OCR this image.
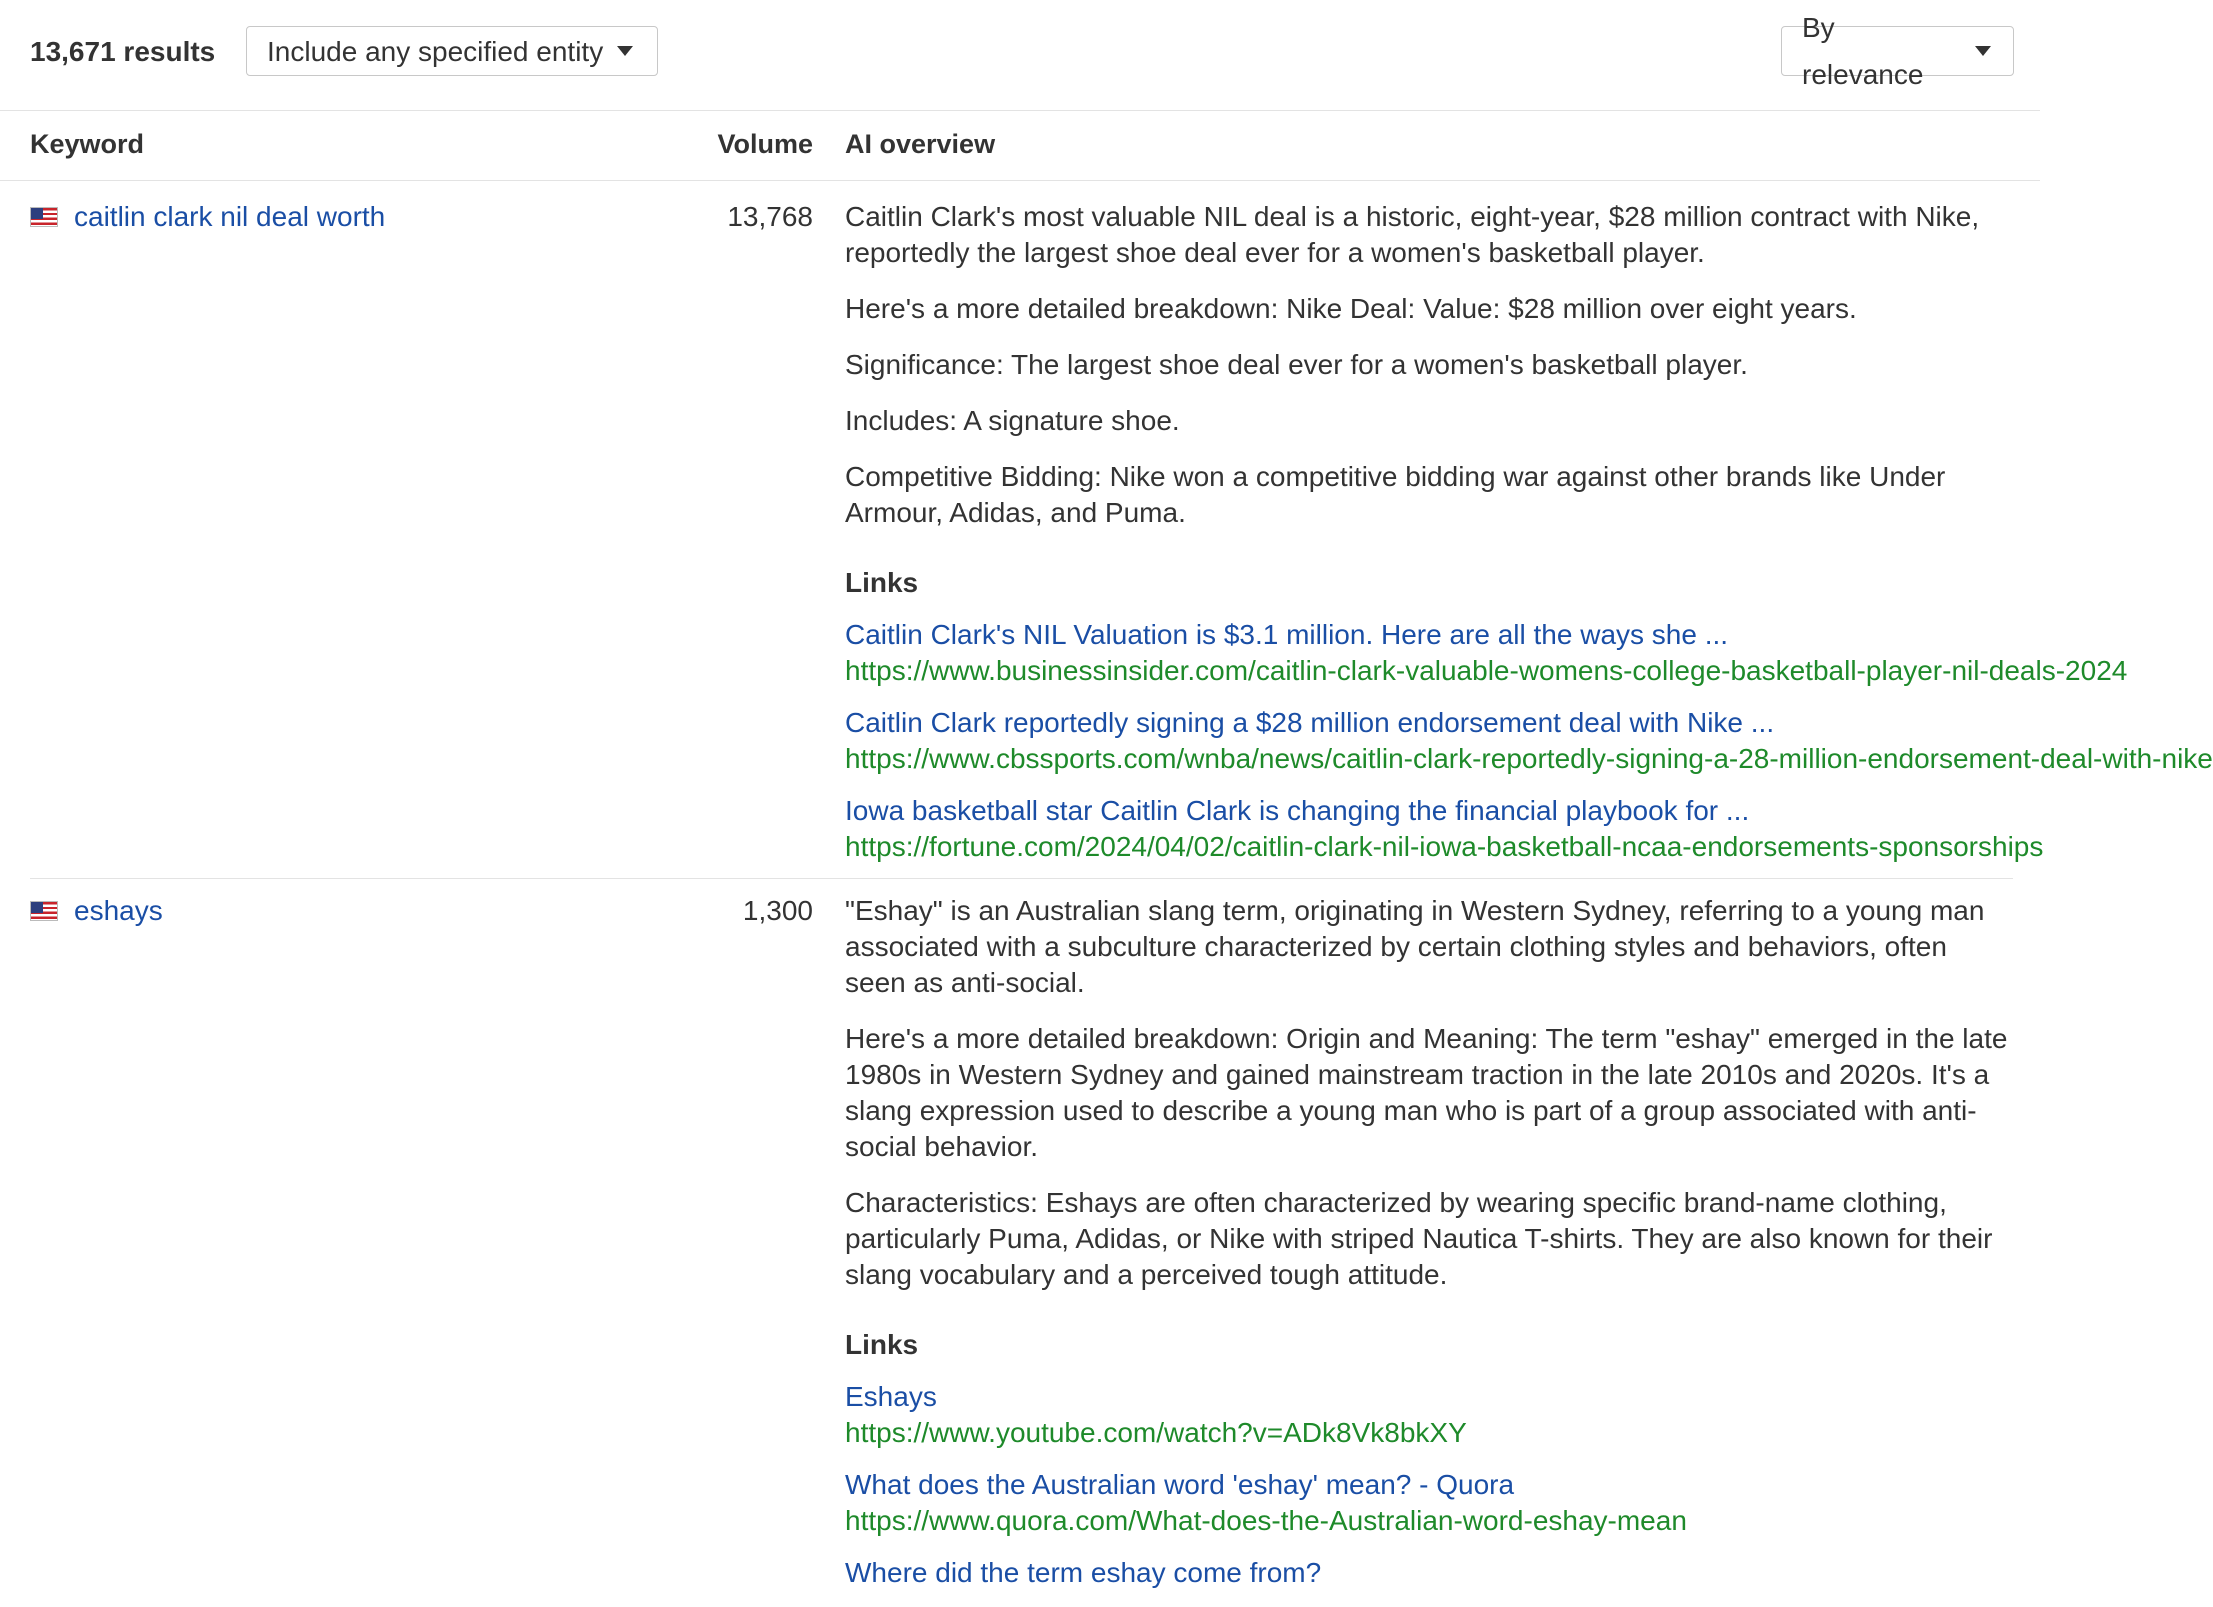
13,671 results Include any specified entity
By relevance
Keyword	Volume AI overview
caitlin clark nil deal worth	13,768 Caitlin Clark's most valuable NIL deal is a historic, eight-year, $28 million contract with Nike, reportedly the largest shoe deal ever for a women's basketball player.

Here's a more detailed breakdown: Nike Deal: Value: $28 million over eight years.

Significance: The largest shoe deal ever for a women's basketball player.

Includes: A signature shoe.

Competitive Bidding: Nike won a competitive bidding war against other brands like Under Armour, Adidas, and Puma.

Links
Caitlin Clark's NIL Valuation is $3.1 million. Here are all the ways she ...
https://www.businessinsider.com/caitlin-clark-valuable-womens-college-basketball-player-nil-deals-2024
Caitlin Clark reportedly signing a $28 million endorsement deal with Nike ...
https://www.cbssports.com/wnba/news/caitlin-clark-reportedly-signing-a-28-million-endorsement-deal-with-nike
Iowa basketball star Caitlin Clark is changing the financial playbook for ...
https://fortune.com/2024/04/02/caitlin-clark-nil-iowa-basketball-ncaa-endorsements-sponsorships
eshays	1,300 "Eshay" is an Australian slang term, originating in Western Sydney, referring to a young man associated with a subculture characterized by certain clothing styles and behaviors, often seen as anti-social.

Here's a more detailed breakdown: Origin and Meaning: The term "eshay" emerged in the late 1980s in Western Sydney and gained mainstream traction in the late 2010s and 2020s. It's a slang expression used to describe a young man who is part of a group associated with anti-social behavior.

Characteristics: Eshays are often characterized by wearing specific brand-name clothing, particularly Puma, Adidas, or Nike with striped Nautica T-shirts. They are also known for their slang vocabulary and a perceived tough attitude.

Links
Eshays
https://www.youtube.com/watch?v=ADk8Vk8bkXY
What does the Australian word 'eshay' mean? - Quora
https://www.quora.com/What-does-the-Australian-word-eshay-mean
Where did the term eshay come from?
